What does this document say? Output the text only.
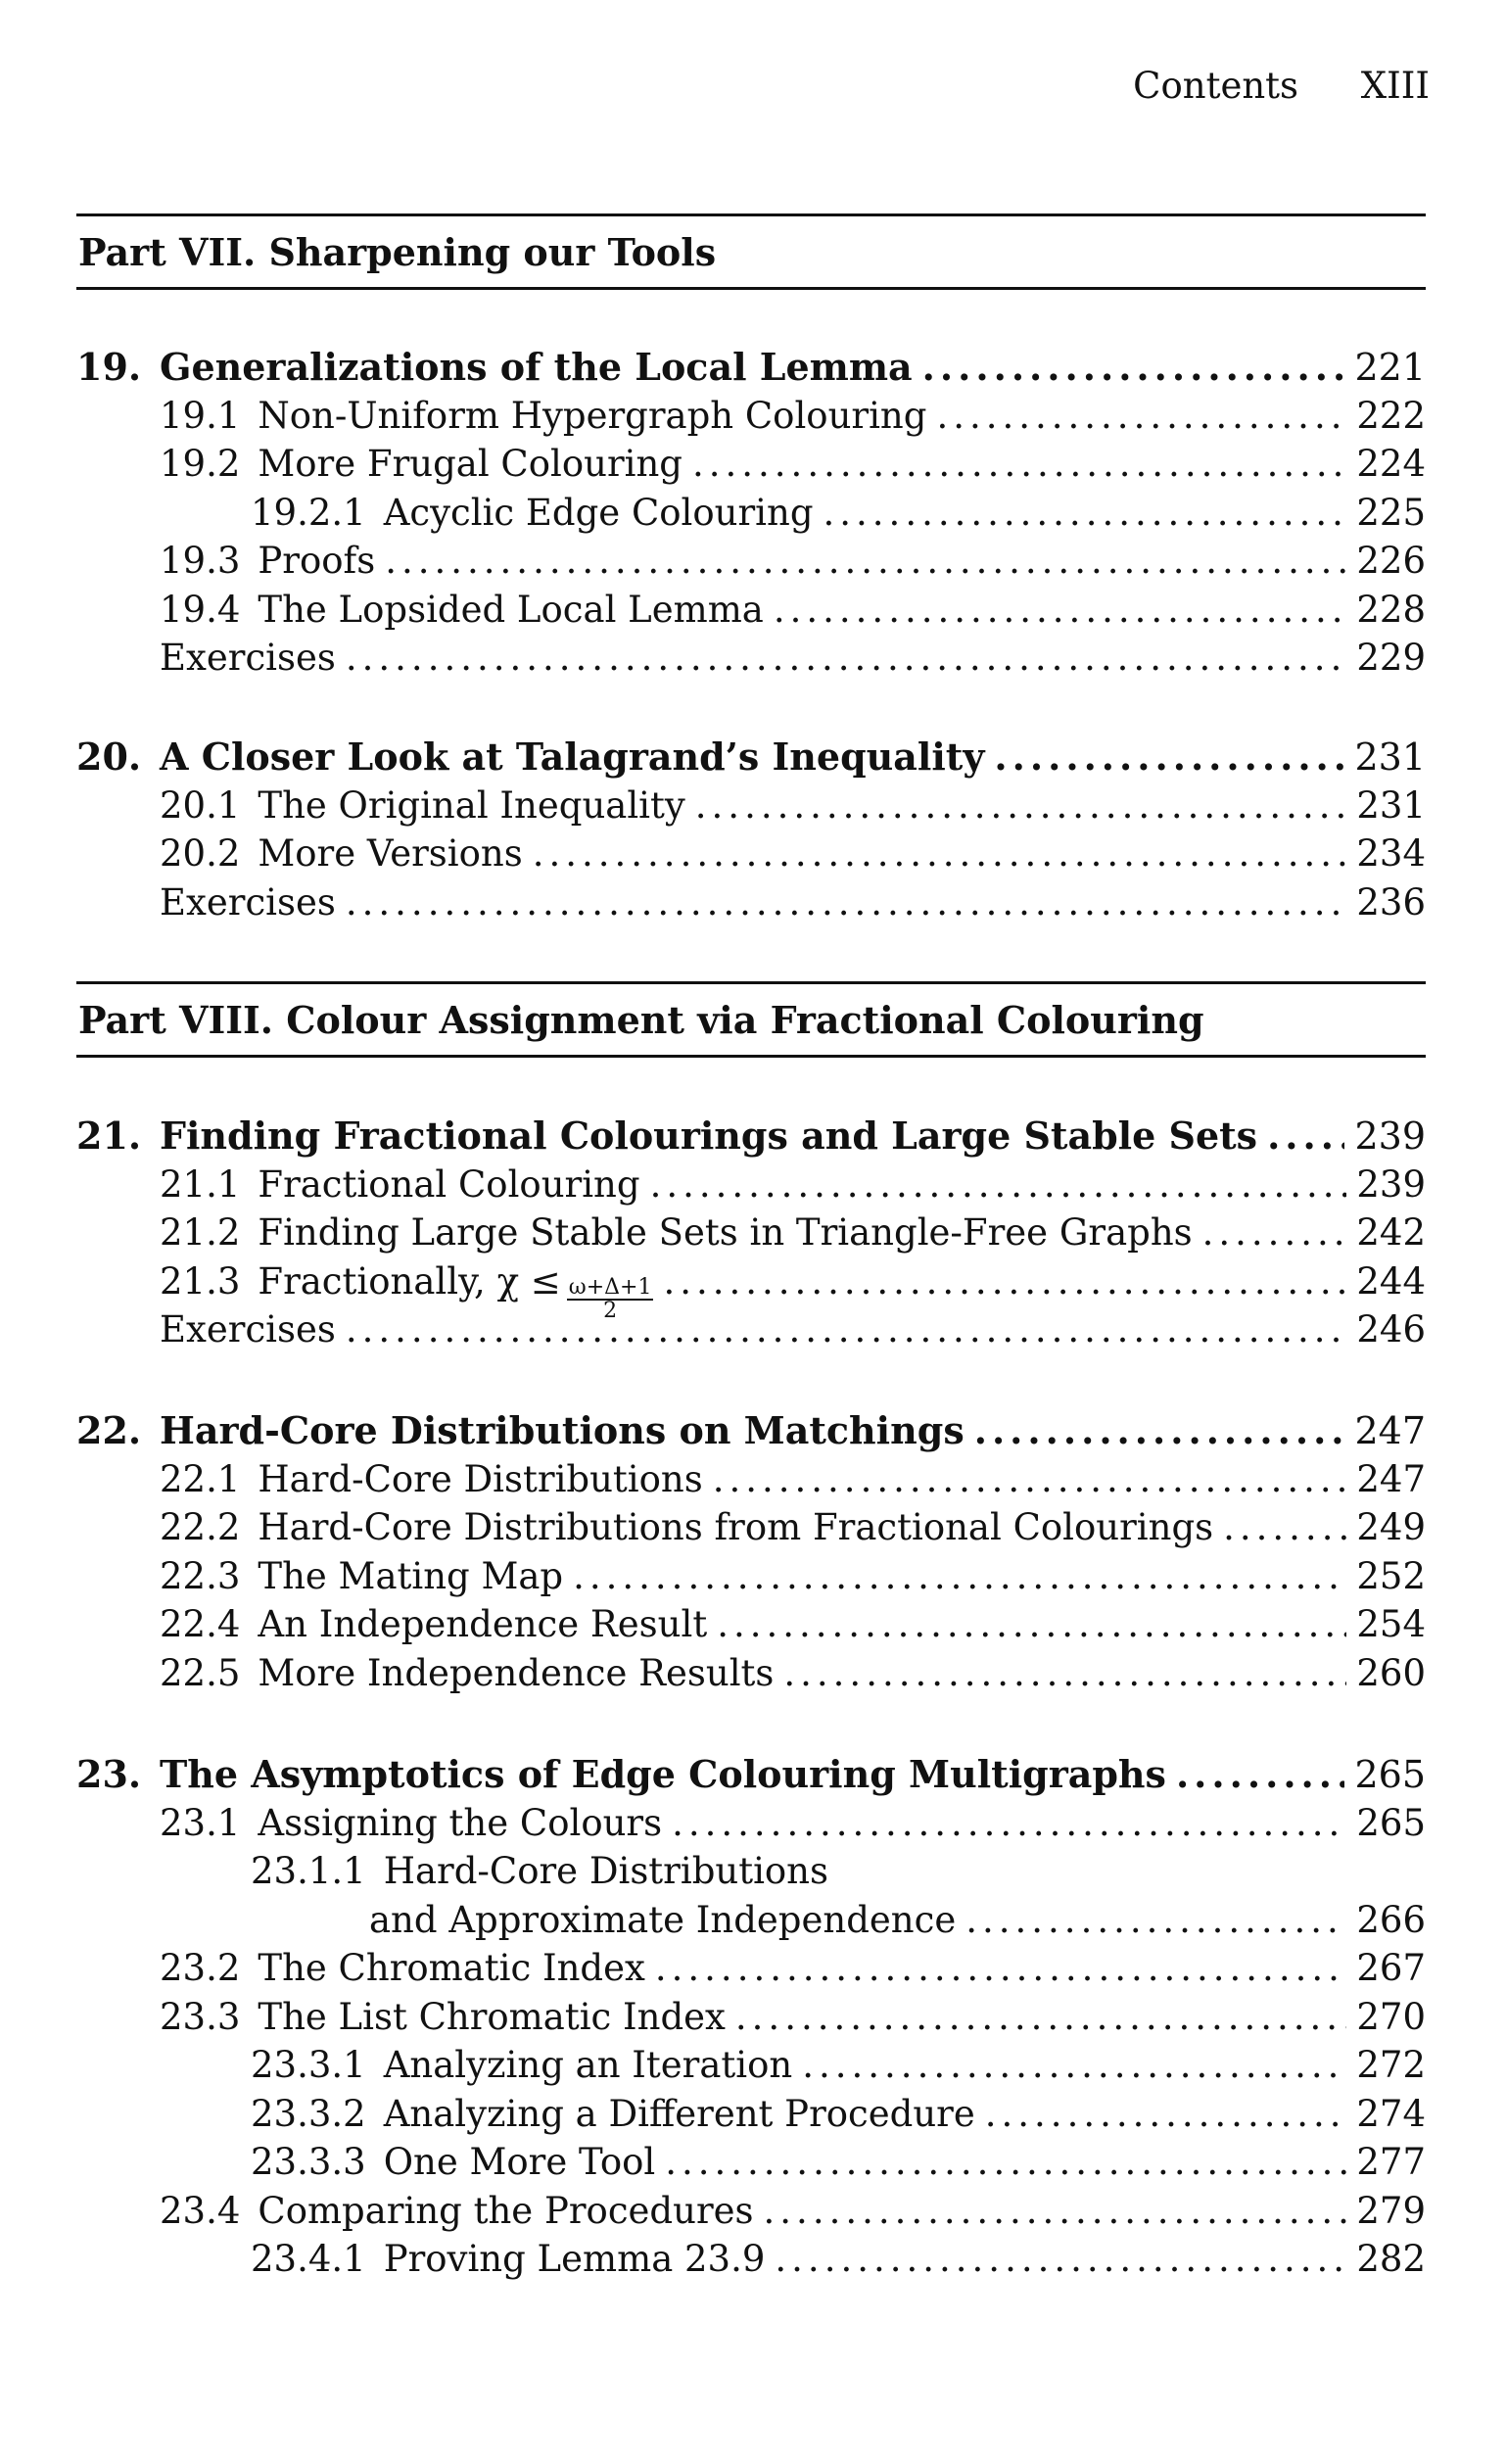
Contents XIII
Part VII. Sharpening our Tools
19. Generalizations of the Local Lemma .....	221
19.1 Non-Uniform Hypergraph Colouring .....	222
19.2 More Frugal Colouring .....	224
19.2.1 Acyclic Edge Colouring .....	225
19.3 Proofs .....	226
19.4 The Lopsided Local Lemma .....	228
Exercises .....	229
20. A Closer Look at Talagrand’s Inequality .....	231
20.1 The Original Inequality .....	231
20.2 More Versions .....	234
Exercises .....	236
Part VIII. Colour Assignment via Fractional Colouring
21. Finding Fractional Colourings and Large Stable Sets .....	239
21.1 Fractional Colouring .....	239
21.2 Finding Large Stable Sets in Triangle-Free Graphs .....	242
21.3 Fractionally, $\chi \le \frac{\omega+\Delta+1}{2}$ .....	244
Exercises .....	246
22. Hard-Core Distributions on Matchings .....	247
22.1 Hard-Core Distributions .....	247
22.2 Hard-Core Distributions from Fractional Colourings .....	249
22.3 The Mating Map .....	252
22.4 An Independence Result .....	254
22.5 More Independence Results .....	260
23. The Asymptotics of Edge Colouring Multigraphs .....	265
23.1 Assigning the Colours .....	265
23.1.1 Hard-Core Distributions
and Approximate Independence .....	266
23.2 The Chromatic Index .....	267
23.3 The List Chromatic Index .....	270
23.3.1 Analyzing an Iteration .....	272
23.3.2 Analyzing a Different Procedure .....	274
23.3.3 One More Tool .....	277
23.4 Comparing the Procedures .....	279
23.4.1 Proving Lemma 23.9 .....	282
